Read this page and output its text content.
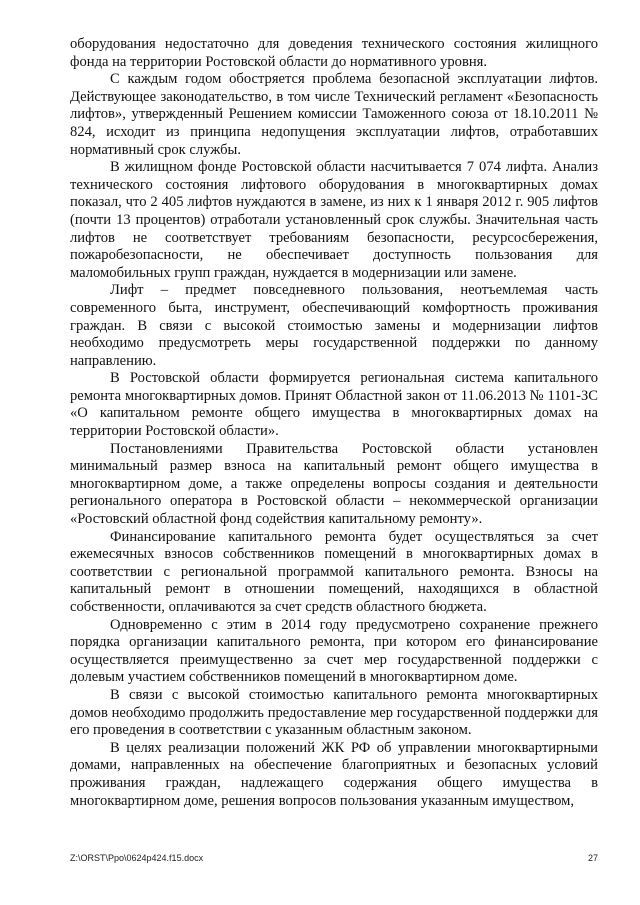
оборудования недостаточно для доведения технического состояния жилищного фонда на территории Ростовской области до нормативного уровня.

С каждым годом обостряется проблема безопасной эксплуатации лифтов. Действующее законодательство, в том числе Технический регламент «Безопасность лифтов», утвержденный Решением комиссии Таможенного союза от 18.10.2011 № 824, исходит из принципа недопущения эксплуатации лифтов, отработавших нормативный срок службы.

В жилищном фонде Ростовской области насчитывается 7 074 лифта. Анализ технического состояния лифтового оборудования в многоквартирных домах показал, что 2 405 лифтов нуждаются в замене, из них к 1 января 2012 г. 905 лифтов (почти 13 процентов) отработали установленный срок службы. Значительная часть лифтов не соответствует требованиям безопасности, ресурсосбережения, пожаробезопасности, не обеспечивает доступность пользования для маломобильных групп граждан, нуждается в модернизации или замене.

Лифт – предмет повседневного пользования, неотъемлемая часть современного быта, инструмент, обеспечивающий комфортность проживания граждан. В связи с высокой стоимостью замены и модернизации лифтов необходимо предусмотреть меры государственной поддержки по данному направлению.

В Ростовской области формируется региональная система капитального ремонта многоквартирных домов. Принят Областной закон от 11.06.2013 № 1101-ЗС «О капитальном ремонте общего имущества в многоквартирных домах на территории Ростовской области».

Постановлениями Правительства Ростовской области установлен минимальный размер взноса на капитальный ремонт общего имущества в многоквартирном доме, а также определены вопросы создания и деятельности регионального оператора в Ростовской области – некоммерческой организации «Ростовский областной фонд содействия капитальному ремонту».

Финансирование капитального ремонта будет осуществляться за счет ежемесячных взносов собственников помещений в многоквартирных домах в соответствии с региональной программой капитального ремонта. Взносы на капитальный ремонт в отношении помещений, находящихся в областной собственности, оплачиваются за счет средств областного бюджета.

Одновременно с этим в 2014 году предусмотрено сохранение прежнего порядка организации капитального ремонта, при котором его финансирование осуществляется преимущественно за счет мер государственной поддержки с долевым участием собственников помещений в многоквартирном доме.

В связи с высокой стоимостью капитального ремонта многоквартирных домов необходимо продолжить предоставление мер государственной поддержки для его проведения в соответствии с указанным областным законом.

В целях реализации положений ЖК РФ об управлении многоквартирными домами, направленных на обеспечение благоприятных и безопасных условий проживания граждан, надлежащего содержания общего имущества в многоквартирном доме, решения вопросов пользования указанным имуществом,

Z:\ORST\Ppo\0624p424.f15.docx	27
